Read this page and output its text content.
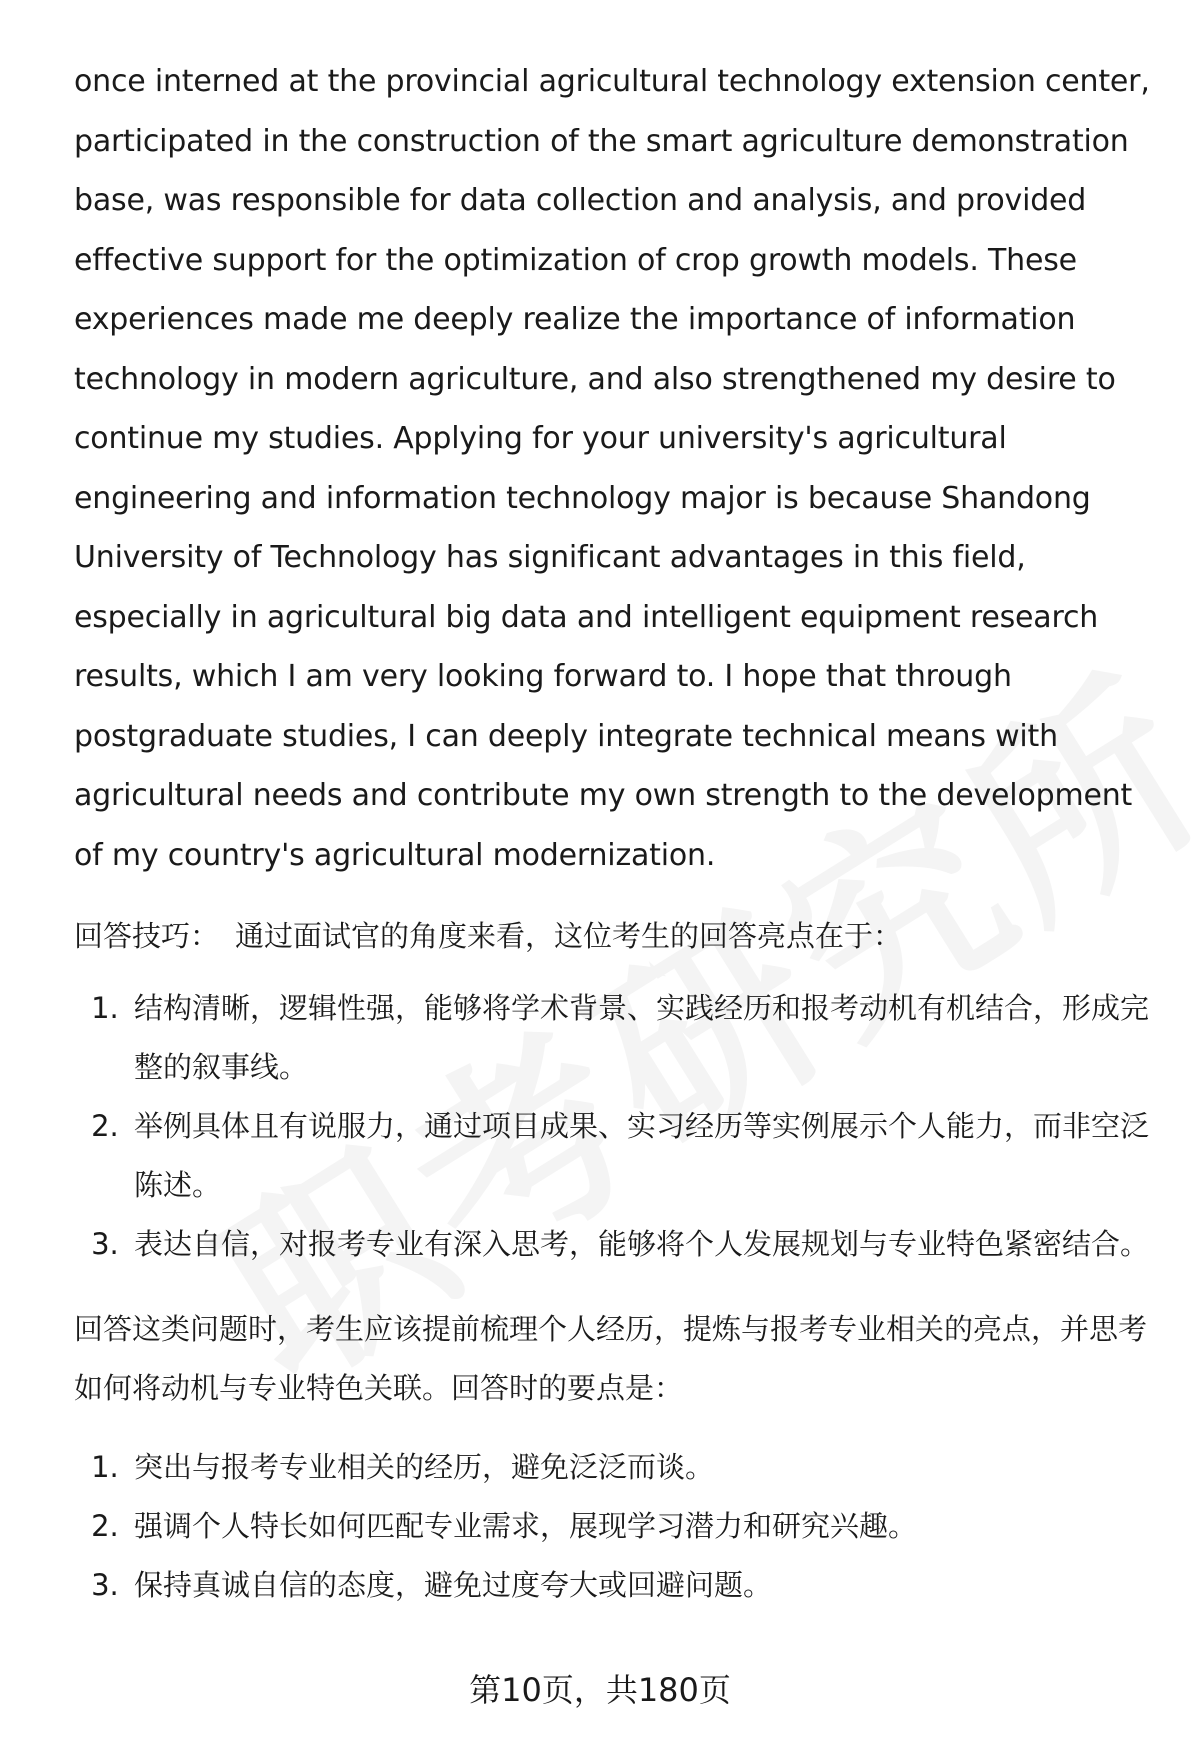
once interned at the provincial agricultural technology extension center, participated in the construction of the smart agriculture demonstration base, was responsible for data collection and analysis, and provided effective support for the optimization of crop growth models. These experiences made me deeply realize the importance of information technology in modern agriculture, and also strengthened my desire to continue my studies. Applying for your university's agricultural engineering and information technology major is because Shandong University of Technology has significant advantages in this field, especially in agricultural big data and intelligent equipment research results, which I am very looking forward to. I hope that through postgraduate studies, I can deeply integrate technical means with agricultural needs and contribute my own strength to the development of my country's agricultural modernization.

回答技巧： 通过面试官的角度来看，这位考生的回答亮点在于：

1. 结构清晰，逻辑性强，能够将学术背景、实践经历和报考动机有机结合，形成完整的叙事线。
2. 举例具体且有说服力，通过项目成果、实习经历等实例展示个人能力，而非空泛陈述。
3. 表达自信，对报考专业有深入思考，能够将个人发展规划与专业特色紧密结合。

回答这类问题时，考生应该提前梳理个人经历，提炼与报考专业相关的亮点，并思考如何将动机与专业特色关联。回答时的要点是：

1. 突出与报考专业相关的经历，避免泛泛而谈。
2. 强调个人特长如何匹配专业需求，展现学习潜力和研究兴趣。
3. 保持真诚自信的态度，避免过度夸大或回避问题。
第10页，共180页
